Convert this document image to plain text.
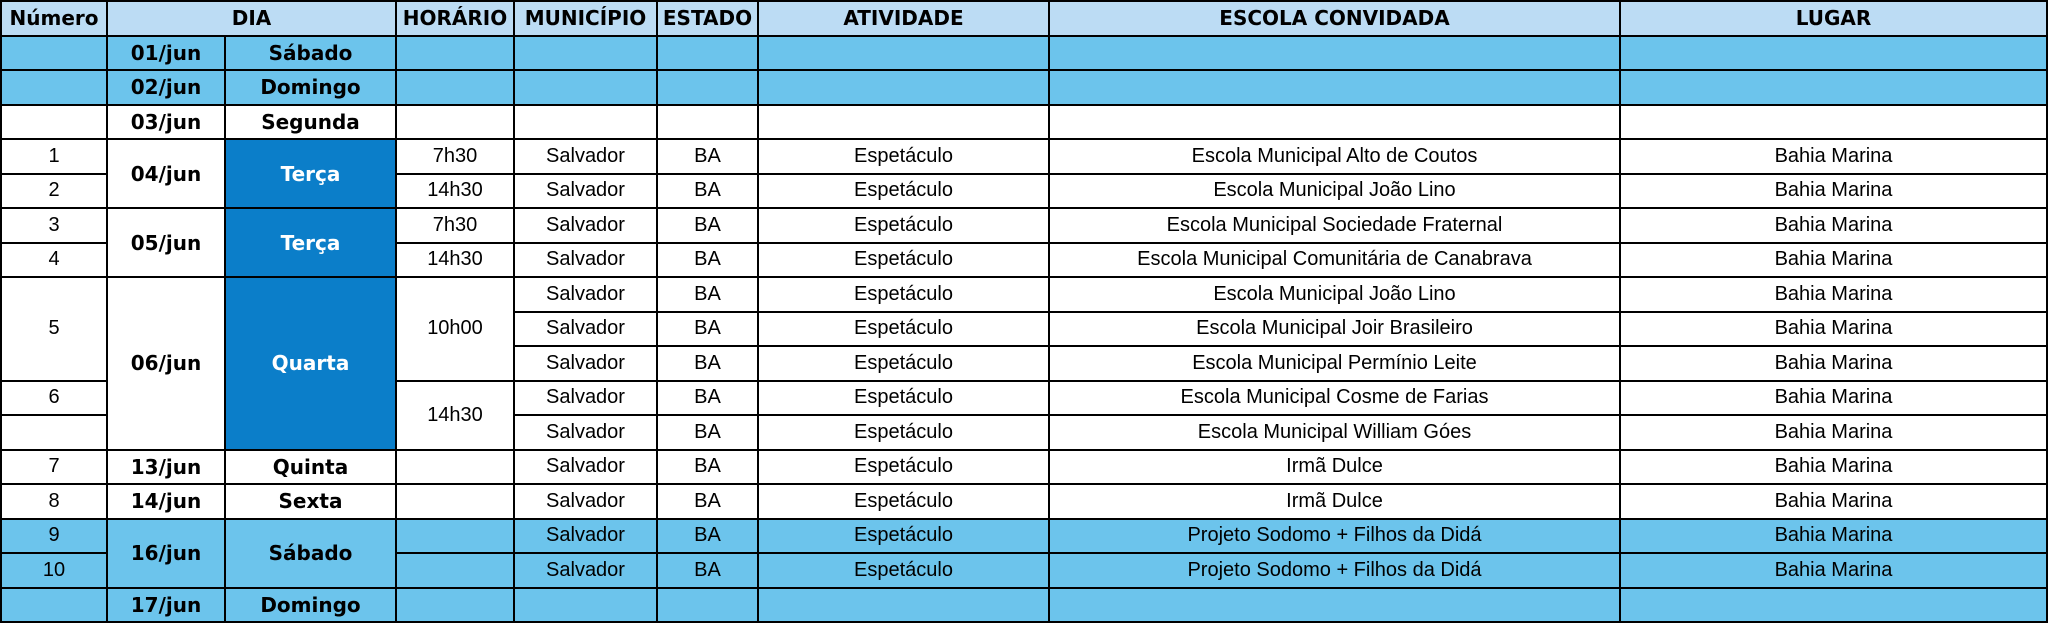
Número	DIA		HORÁRIO	MUNICÍPIO	ESTADO	ATIVIDADE	ESCOLA CONVIDADA	LUGAR
	01/jun	Sábado						
	02/jun	Domingo						
	03/jun	Segunda						
1	04/jun	Terça	7h30	Salvador	BA	Espetáculo	Escola Municipal Alto de Coutos	Bahia Marina
2			14h30	Salvador	BA	Espetáculo	Escola Municipal João Lino	Bahia Marina
3	05/jun	Terça	7h30	Salvador	BA	Espetáculo	Escola Municipal Sociedade Fraternal	Bahia Marina
4			14h30	Salvador	BA	Espetáculo	Escola Municipal Comunitária de Canabrava	Bahia Marina
5	06/jun	Quarta	10h00	Salvador	BA	Espetáculo	Escola Municipal João Lino	Bahia Marina
				Salvador	BA	Espetáculo	Escola Municipal Joir Brasileiro	Bahia Marina
				Salvador	BA	Espetáculo	Escola Municipal Permínio Leite	Bahia Marina
6			14h30	Salvador	BA	Espetáculo	Escola Municipal Cosme de Farias	Bahia Marina
				Salvador	BA	Espetáculo	Escola Municipal William Góes	Bahia Marina
7	13/jun	Quinta		Salvador	BA	Espetáculo	Irmã Dulce	Bahia Marina
8	14/jun	Sexta		Salvador	BA	Espetáculo	Irmã Dulce	Bahia Marina
9	16/jun	Sábado		Salvador	BA	Espetáculo	Projeto Sodomo + Filhos da Didá	Bahia Marina
10				Salvador	BA	Espetáculo	Projeto Sodomo + Filhos da Didá	Bahia Marina
	17/jun	Domingo						
